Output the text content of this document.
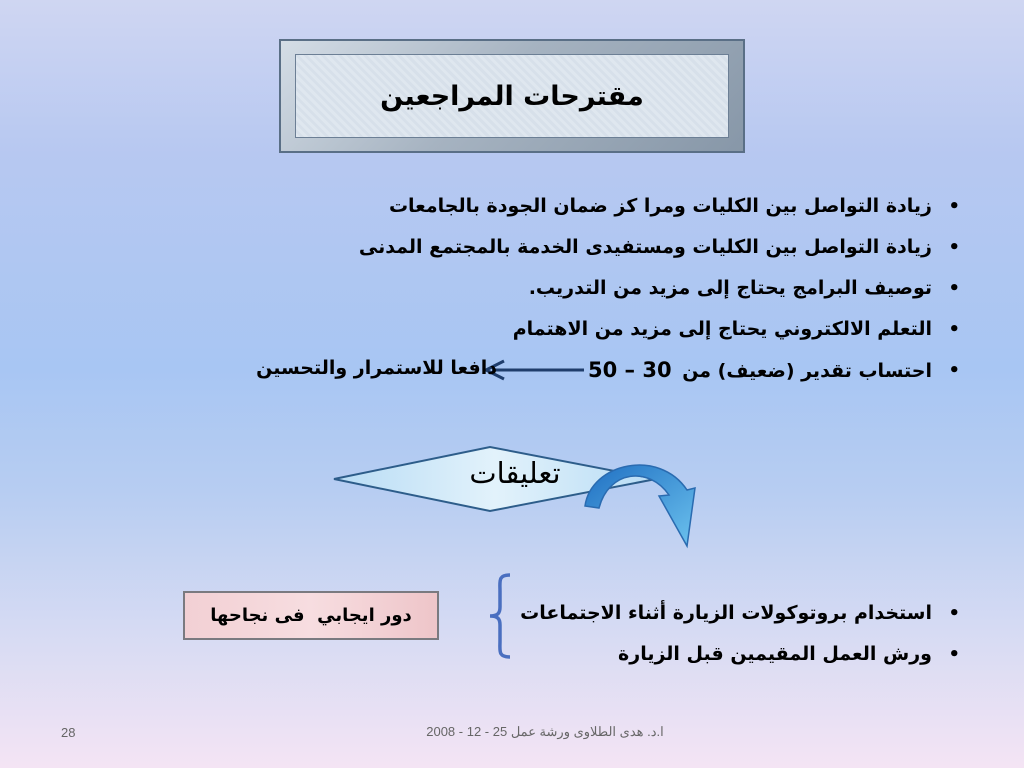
مقترحات المراجعين
• زيادة التواصل بين الكليات ومرا كز ضمان الجودة بالجامعات
• زيادة التواصل بين الكليات ومستفيدى الخدمة بالمجتمع المدنى
• توصيف البرامج يحتاج إلى مزيد من التدريب.
• التعلم الالكتروني يحتاج إلى مزيد من الاهتمام
• احتساب تقدير (ضعيف) من 30 – 50
دافعا للاستمرار والتحسين
تعليقات
• استخدام بروتوكولات الزيارة أثناء الاجتماعات
• ورش العمل المقيمين قبل الزيارة
دور ايجابي  فى نجاحها
28	ا.د. هدى الطلاوى ورشة عمل 25 - 12 - 2008
